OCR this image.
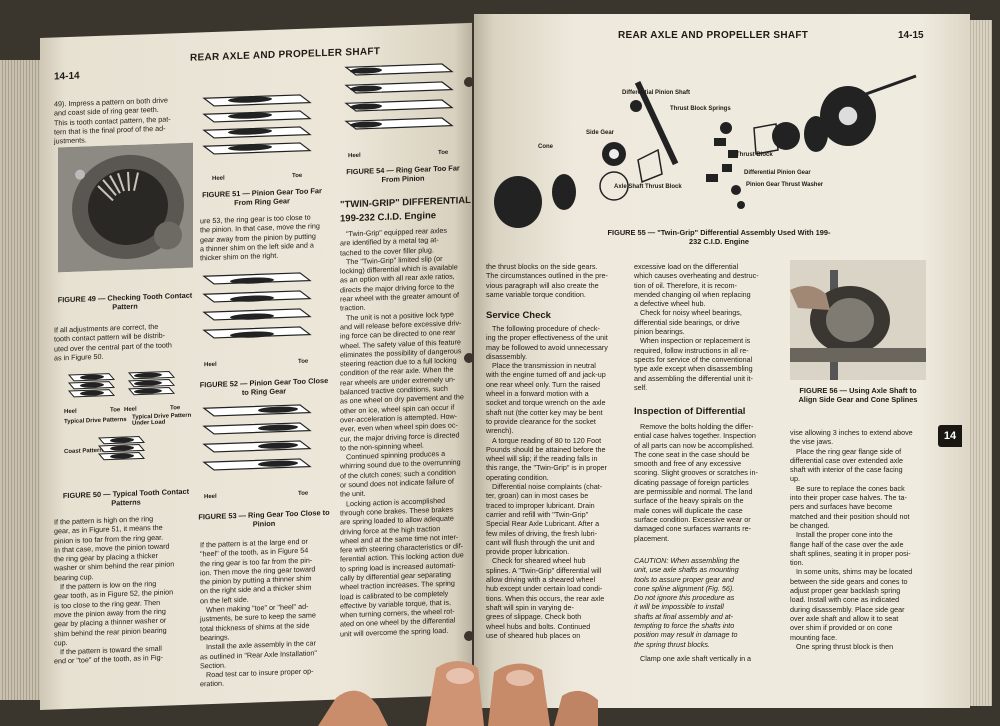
14-14
REAR AXLE AND PROPELLER SHAFT
49). Impress a pattern on both drive
and coast side of ring gear teeth.
This is tooth contact pattern, the pat-
tern that is the final proof of the ad-
justments.
FIGURE 49 — Checking Tooth Contact Pattern
If all adjustments are correct, the
tooth contact pattern will be distrib-
uted over the central part of the tooth
as in Figure 50.
Heel	Toe Heel	Toe
Typical Drive Patterns Typical Drive Pattern
Under Load
Coast Pattern
FIGURE 50 — Typical Tooth Contact Patterns
If the pattern is high on the ring
gear, as in Figure 51, it means the
pinion is too far from the ring gear.
In that case, move the pinion toward
the ring gear by placing a thicker
washer or shim behind the rear pinion
bearing cup.
If the pattern is low on the ring
gear tooth, as in Figure 52, the pinion
is too close to the ring gear. Then
move the pinion away from the ring
gear by placing a thinner washer or
shim behind the rear pinion bearing
cup.
If the pattern is toward the small
end or "toe" of the tooth, as in Fig-
Heel	Toe
FIGURE 51 — Pinion Gear Too Far From Ring Gear
ure 53, the ring gear is too close to
the pinion. In that case, move the ring
gear away from the pinion by putting
a thinner shim on the left side and a
thicker shim on the right.
Heel
Toe
FIGURE 52 — Pinion Gear Too Close to Ring Gear
Heel
Toe
FIGURE 53 — Ring Gear Too Close to Pinion
If the pattern is at the large end or
"heel" of the tooth, as in Figure 54
the ring gear is too far from the pin-
ion. Then move the ring gear toward
the pinion by putting a thinner shim
on the right side and a thicker shim
on the left side.
When making "toe" or "heel" ad-
justments, be sure to keep the same
total thickness of shims at the side
bearings.
Install the axle assembly in the car
as outlined in "Rear Axle Installation"
Section.
Road test car to insure proper op-
eration.
Heel	Toe
FIGURE 54 — Ring Gear Too Far From Pinion
"TWIN-GRIP" DIFFERENTIAL
199-232 C.I.D. Engine
"Twin-Grip" equipped rear axles
are identified by a metal tag at-
tached to the cover filler plug.
The "Twin-Grip" limited slip (or
locking) differential which is available
as an option with all rear axle ratios,
directs the major driving force to the
rear wheel with the greater amount of
traction.
The unit is not a positive lock type
and will release before excessive driv-
ing force can be directed to one rear
wheel. The safety value of this feature
eliminates the possibility of dangerous
steering reaction due to a full locking
condition of the rear axle. When the
rear wheels are under extremely un-
balanced tractive conditions, such
as one wheel on dry pavement and the
other on ice, wheel spin can occur if
over-acceleration is attempted. How-
ever, even when wheel spin does oc-
cur, the major driving force is directed
to the non-spinning wheel.
Continued spinning produces a
whirring sound due to the overrunning
of the clutch cones; such a condition
or sound does not indicate failure of
the unit.
Locking action is accomplished
through cone brakes. These brakes
are spring loaded to allow adequate
driving force at the high traction
wheel and at the same time not inter-
fere with steering characteristics or dif-
ferential action. This locking action due
to spring load is increased automati-
cally by differential gear separating
wheel traction increases. The spring
load is calibrated to be completely
effective by variable torque, that is,
when turning corners, the wheel rot-
ated on one wheel by the differential
unit will overcome the spring load.
REAR AXLE AND PROPELLER SHAFT	14-15
Differential Pinion Shaft
Thrust Block Springs
Side Gear
Cone
Thrust Block
Differential Pinion Gear
Axle Shaft Thrust Block	Pinion Gear Thrust Washer
FIGURE 55 — "Twin-Grip" Differential Assembly Used With 199-232 C.I.D. Engine
the thrust blocks on the side gears.
The circumstances outlined in the pre-
vious paragraph will also create the
same variable torque condition.
Service Check
The following procedure of check-
ing the proper effectiveness of the unit
may be followed to avoid unnecessary
disassembly.
Place the transmission in neutral
with the engine turned off and jack-up
one rear wheel only. Turn the raised
wheel in a forward motion with a
socket and torque wrench on the axle
shaft nut (the cotter key may be bent
to provide clearance for the socket
wrench).
A torque reading of 80 to 120 Foot
Pounds should be attained before the
wheel will slip; if the reading falls in
this range, the "Twin-Grip" is in proper
operating condition.
Differential noise complaints (chat-
ter, groan) can in most cases be
traced to improper lubricant. Drain
carrier and refill with "Twin-Grip"
Special Rear Axle Lubricant. After a
few miles of driving, the fresh lubri-
cant will flush through the unit and
provide proper lubrication.
Check for sheared wheel hub
splines. A "Twin-Grip" differential will
allow driving with a sheared wheel
hub except under certain load condi-
tions. When this occurs, the rear axle
shaft will spin in varying de-
grees of slippage. Check both
wheel hubs and bolts. Continued
use of sheared hub places on
excessive load on the differential
which causes overheating and destruc-
tion of oil. Therefore, it is recom-
mended changing oil when replacing
a defective wheel hub.
Check for noisy wheel bearings,
differential side bearings, or drive
pinion bearings.
When inspection or replacement is
required, follow instructions in all re-
spects for service of the conventional
type axle except when disassembling
and assembling the differential unit it-
self.
Inspection of Differential
Remove the bolts holding the differ-
ential case halves together. Inspection
of all parts can now be accomplished.
The cone seat in the case should be
smooth and free of any excessive
scoring. Slight grooves or scratches in-
dicating passage of foreign particles
are permissible and normal. The land
surface of the heavy spirals on the
male cones will duplicate the case
surface condition. Excessive wear or
damaged cone surfaces warrants re-
placement.
CAUTION: When assembling the
unit, use axle shafts as mounting
tools to assure proper gear and
cone spline alignment (Fig. 56).
Do not ignore this procedure as
it will be impossible to install
shafts at final assembly and at-
tempting to force the shafts into
position may result in damage to
the spring thrust blocks.
Clamp one axle shaft vertically in a
FIGURE 56 — Using Axle Shaft to Align Side Gear and Cone Splines
vise allowing 3 inches to extend above
the vise jaws.
Place the ring gear flange side of
differential case over extended axle
shaft with interior of the case facing
up.
Be sure to replace the cones back
into their proper case halves. The ta-
pers and surfaces have become
matched and their position should not
be changed.
Install the proper cone into the
flange half of the case over the axle
shaft splines, seating it in proper posi-
tion.
In some units, shims may be located
between the side gears and cones to
adjust proper gear backlash spring
load. Install with cone as indicated
during disassembly. Place side gear
over axle shaft and allow it to seat
over shim if provided or on cone
mounting face.
One spring thrust block is then
14
